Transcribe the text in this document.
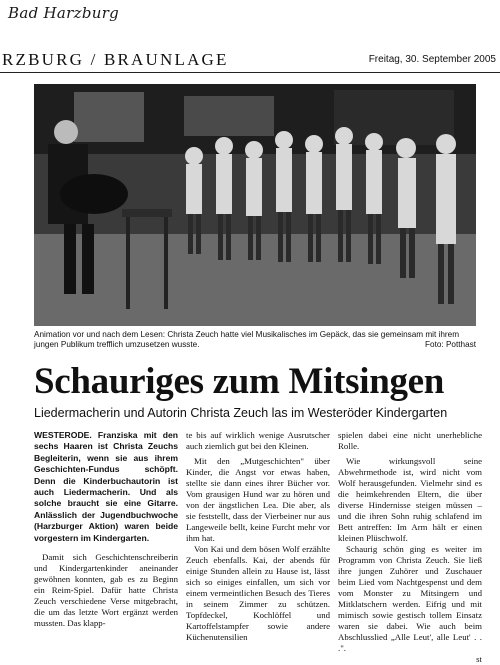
Bad Harzburg
RZBURG / BRAUNLAGE	Freitag, 30. September 2005
Animation vor und nach dem Lesen: Christa Zeuch hatte viel Musikalisches im Gepäck, das sie gemeinsam mit ihrem jungen Publikum trefflich umzusetzen wusste.	Foto: Potthast
Schauriges zum Mitsingen
Liedermacherin und Autorin Christa Zeuch las im Westeröder Kindergarten

WESTERODE. Franziska mit den sechs Haaren ist Christa Zeuchs Begleiterin, wenn sie aus ihrem Geschichten-Fundus schöpft. Denn die Kinderbuchautorin ist auch Liedermacherin. Und als solche braucht sie eine Gitarre. Anlässlich der Jugendbuchwoche (Harzburger Aktion) waren beide vorgestern im Kindergarten.

Damit sich Geschichtenschreiberin und Kindergartenkinder aneinander gewöhnen konnten, gab es zu Beginn ein Reim-Spiel. Dafür hatte Christa Zeuch verschiedene Verse mitgebracht, die um das letzte Wort ergänzt werden mussten. Das klapp-

te bis auf wirklich wenige Ausrutscher auch ziemlich gut bei den Kleinen.

Mit den „Mutgeschichten" über Kinder, die Angst vor etwas haben, stellte sie dann eines ihrer Bücher vor. Vom grausigen Hund war zu hören und von der ängstlichen Lea. Die aber, als sie feststellt, dass der Vierbeiner nur aus Langeweile bellt, keine Furcht mehr vor ihm hat.

Von Kai und dem bösen Wolf erzählte Zeuch ebenfalls. Kai, der abends für einige Stunden allein zu Hause ist, lässt sich so einiges einfallen, um sich vor einem vermeintlichen Besuch des Tieres in seinem Zimmer zu schützen. Topfdeckel, Kochlöffel und Kartoffelstampfer sowie andere Küchenutensilien

spielen dabei eine nicht unerhebliche Rolle.

Wie wirkungsvoll seine Abwehrmethode ist, wird nicht vom Wolf herausgefunden. Vielmehr sind es die heimkehrenden Eltern, die über diverse Hindernisse steigen müssen – und die ihren Sohn ruhig schlafend im Bett antreffen: Im Arm hält er einen kleinen Plüschwolf.

Schaurig schön ging es weiter im Programm von Christa Zeuch. Sie ließ ihre jungen Zuhörer und Zuschauer beim Lied vom Nachtgespenst und dem vom Monster zu Mitsingern und Mitklatschern werden. Eifrig und mit mimisch sowie gestisch tollem Einsatz waren sie dabei. Wie auch beim Abschlusslied „Alle Leut', alle Leut' . . .".

st
